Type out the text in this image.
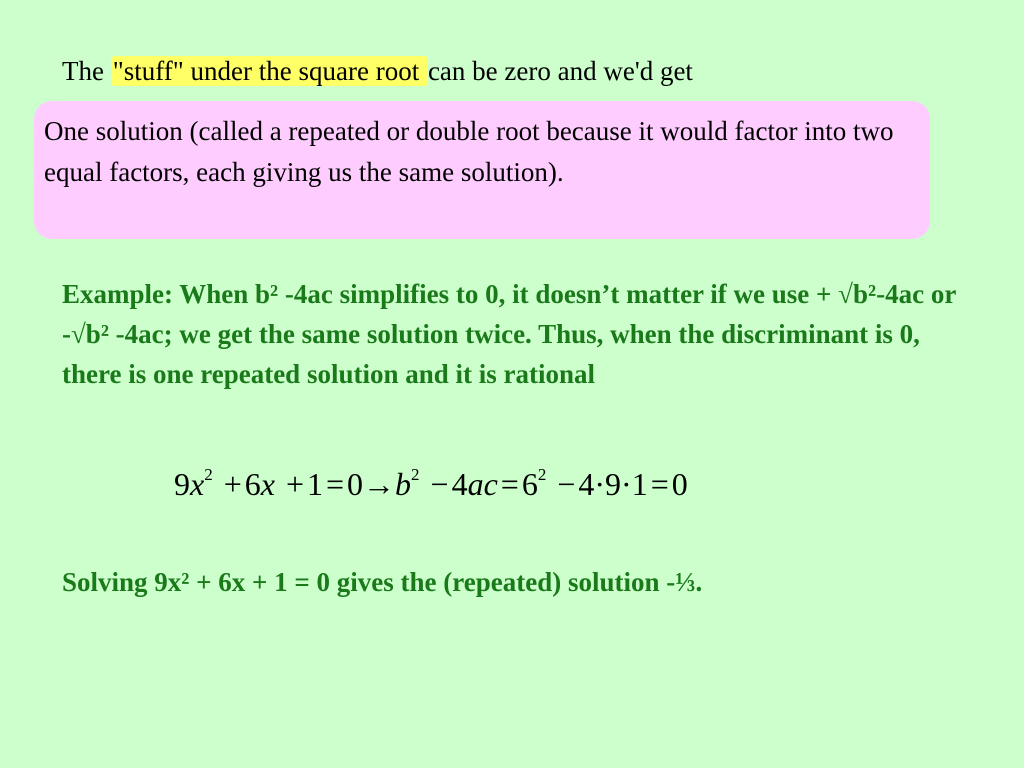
The "stuff" under the square root can be zero and we'd get
One solution (called a repeated or double root because it would factor into two equal factors, each giving us the same solution).
Example: When b² -4ac simplifies to 0, it doesn’t matter if we use + √b²-4ac or -√b² -4ac; we get the same solution twice. Thus, when the discriminant is 0, there is one repeated solution and it is rational
$9x^2 +6x +1=0\to b^2 -4ac=6^2 -4\cdot 9\cdot 1=0$
Solving 9x² + 6x + 1 = 0 gives the (repeated) solution -⅓.
